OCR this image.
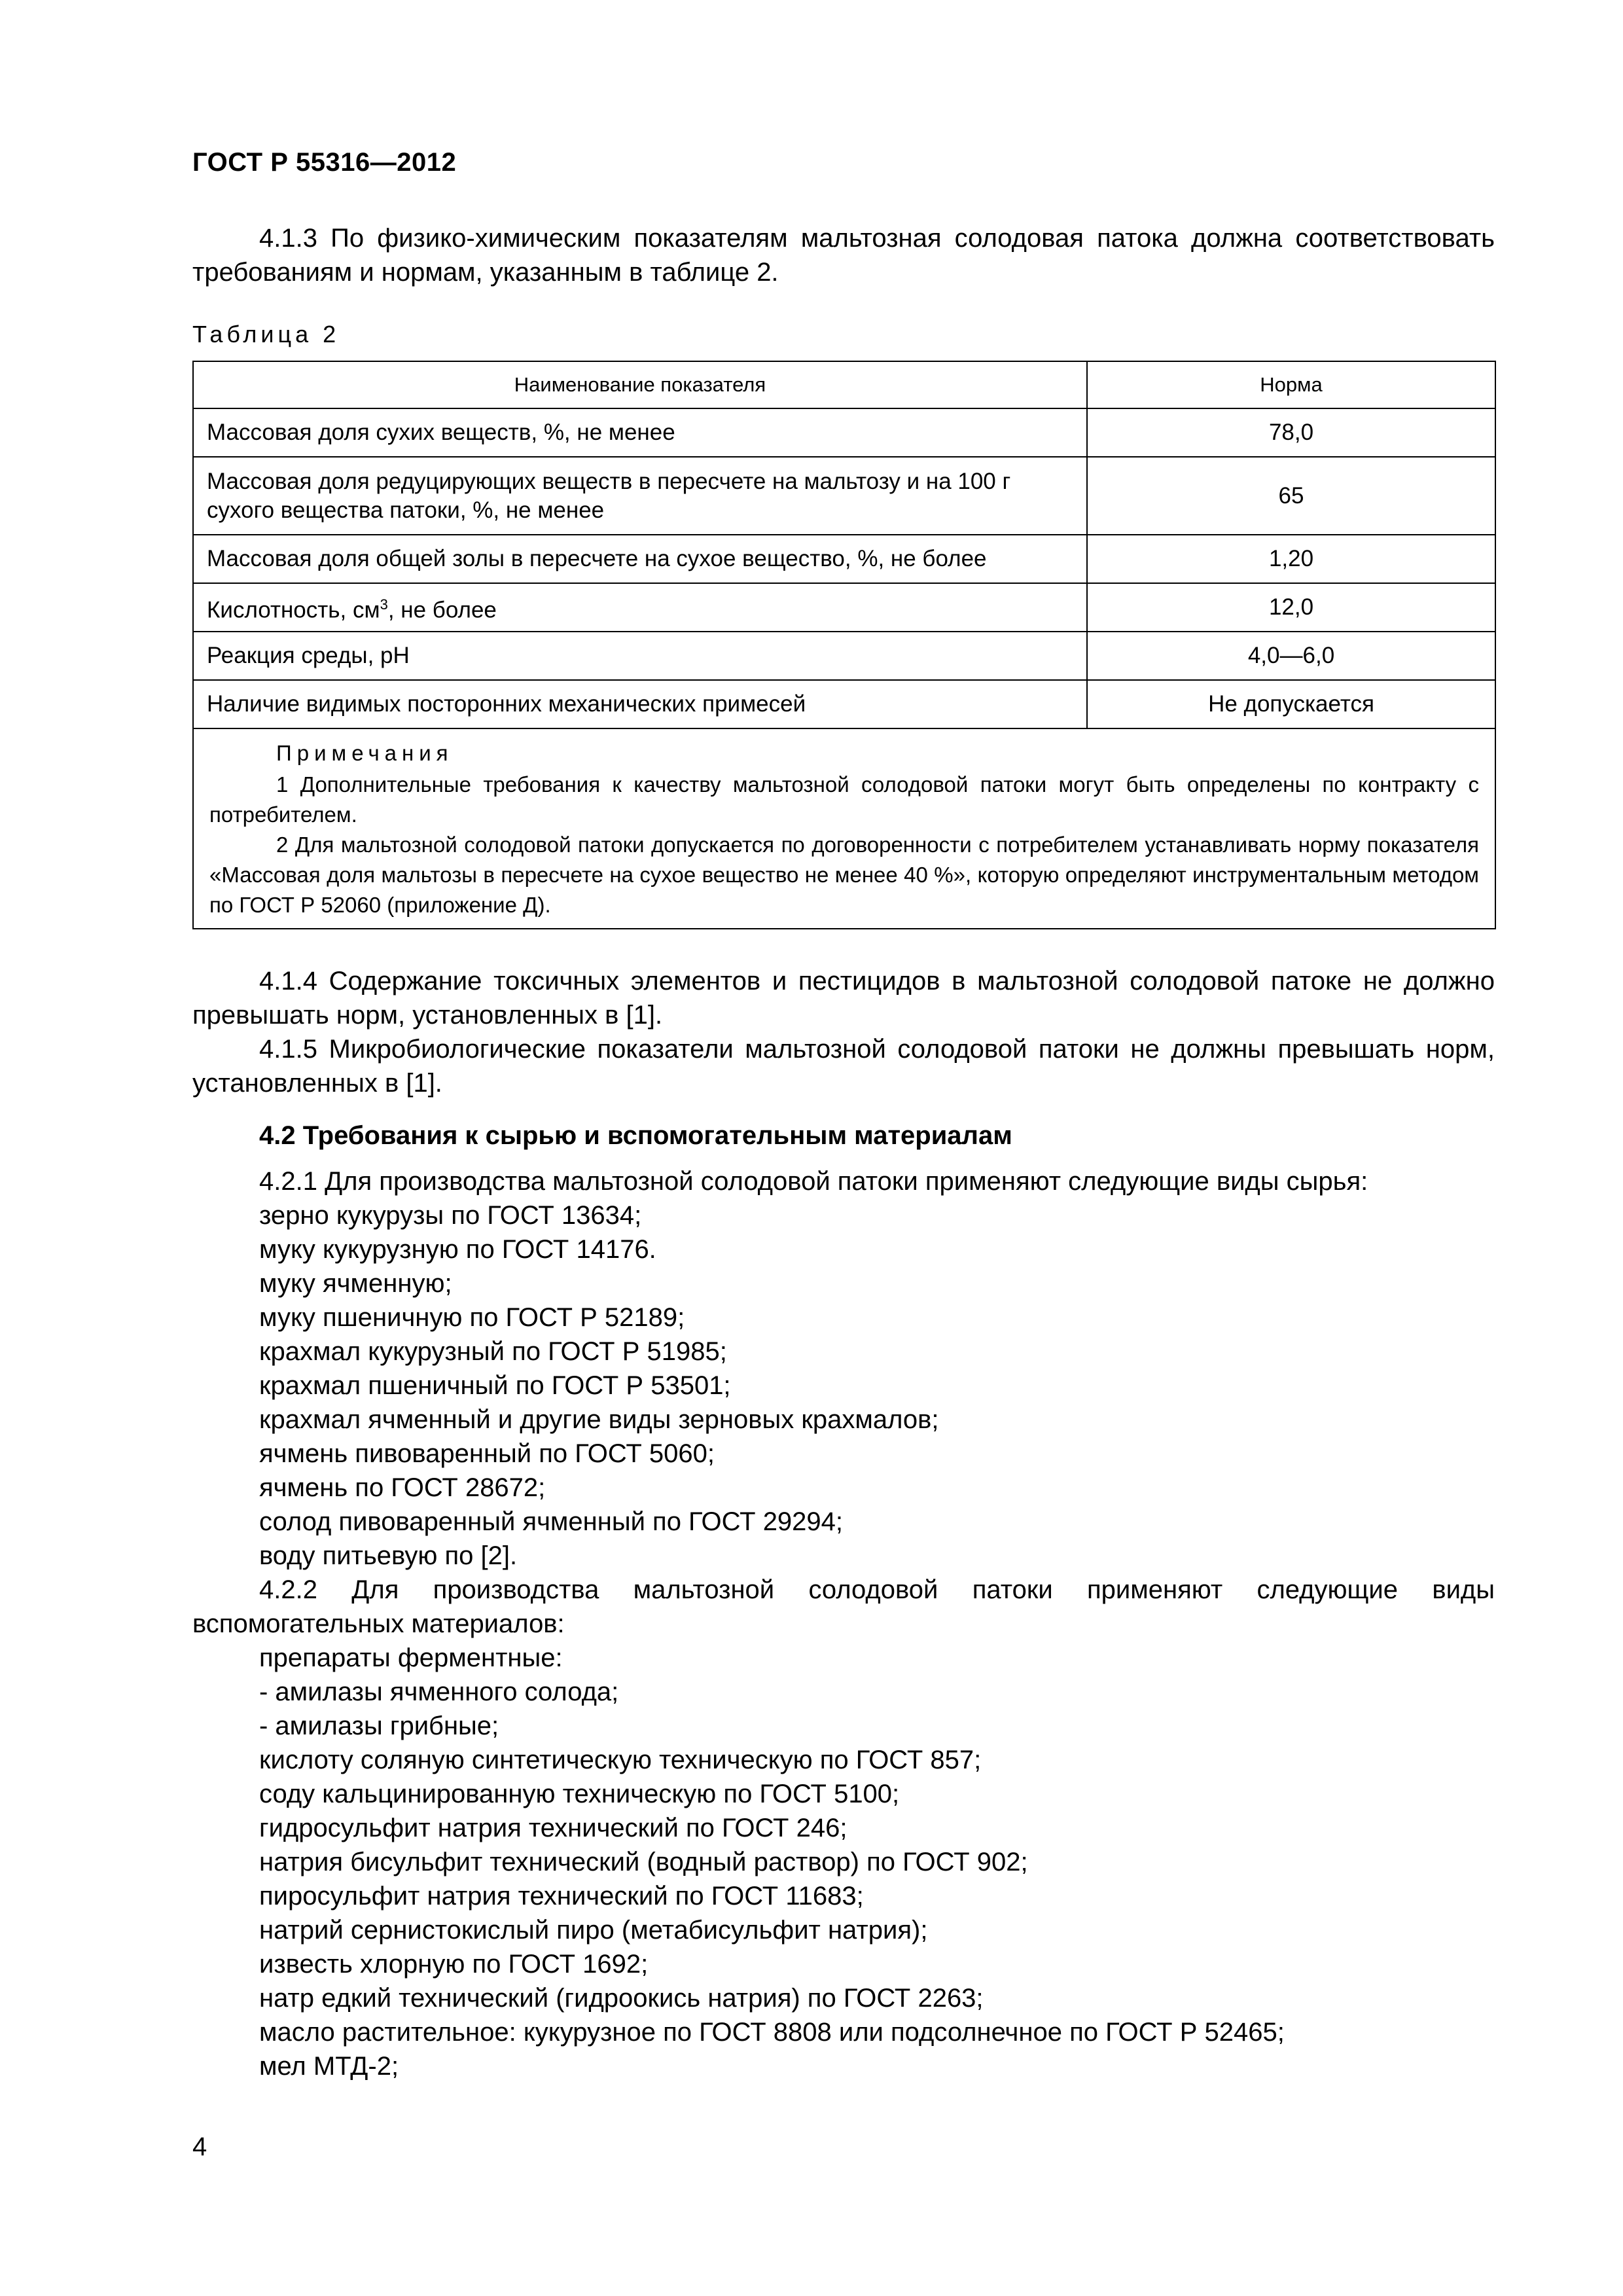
ГОСТ Р 55316—2012

4.1.3 По физико-химическим показателям мальтозная солодовая патока должна соответствовать требованиям и нормам, указанным в таблице 2.

Таблица 2
Наименование показателя	Норма
Массовая доля сухих веществ, %, не менее	78,0
Массовая доля редуцирующих веществ в пересчете на мальтозу и на 100 г сухого вещества патоки, %, не менее	65
Массовая доля общей золы в пересчете на сухое вещество, %, не более	1,20
Кислотность, $см^3$, не более	12,0
Реакция среды, pH	4,0—6,0
Наличие видимых посторонних механических примесей	Не допускается

Примечания

1 Дополнительные требования к качеству мальтозной солодовой патоки могут быть определены по контракту с потребителем.

2 Для мальтозной солодовой патоки допускается по договоренности с потребителем устанавливать норму показателя «Массовая доля мальтозы в пересчете на сухое вещество не менее 40 %», которую определяют инструментальным методом по ГОСТ Р 52060 (приложение Д).	

4.1.4 Содержание токсичных элементов и пестицидов в мальтозной солодовой патоке не должно превышать норм, установленных в [1].

4.1.5 Микробиологические показатели мальтозной солодовой патоки не должны превышать норм, установленных в [1].

4.2 Требования к сырью и вспомогательным материалам

4.2.1 Для производства мальтозной солодовой патоки применяют следующие виды сырья:

зерно кукурузы по ГОСТ 13634;

муку кукурузную по ГОСТ 14176.

муку ячменную;

муку пшеничную по ГОСТ Р 52189;

крахмал кукурузный по ГОСТ Р 51985;

крахмал пшеничный по ГОСТ Р 53501;

крахмал ячменный и другие виды зерновых крахмалов;

ячмень пивоваренный по ГОСТ 5060;

ячмень по ГОСТ 28672;

солод пивоваренный ячменный по ГОСТ 29294;

воду питьевую по [2].

4.2.2 Для производства мальтозной солодовой патоки применяют следующие виды вспомогательных материалов:

препараты ферментные:

- амилазы ячменного солода;

- амилазы грибные;

кислоту соляную синтетическую техническую по ГОСТ 857;

соду кальцинированную техническую по ГОСТ 5100;

гидросульфит натрия технический по ГОСТ 246;

натрия бисульфит технический (водный раствор) по ГОСТ 902;

пиросульфит натрия технический по ГОСТ 11683;

натрий сернистокислый пиро (метабисульфит натрия);

известь хлорную по ГОСТ 1692;

натр едкий технический (гидроокись натрия) по ГОСТ 2263;

масло растительное: кукурузное по ГОСТ 8808 или подсолнечное по ГОСТ Р 52465;

мел МТД-2;

4
